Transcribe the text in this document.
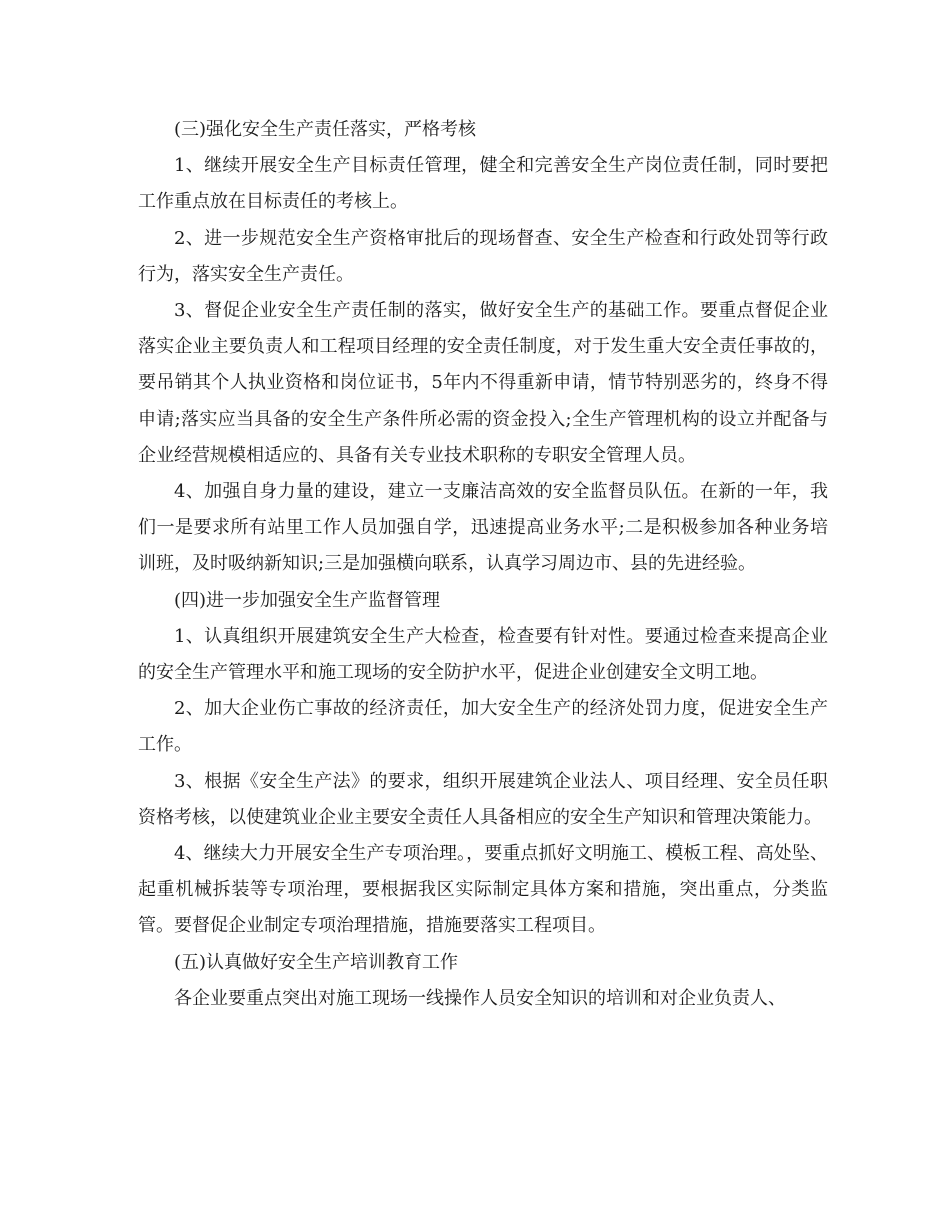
(三)强化安全生产责任落实，严格考核

1、继续开展安全生产目标责任管理，健全和完善安全生产岗位责任制，同时要把工作重点放在目标责任的考核上。

2、进一步规范安全生产资格审批后的现场督查、安全生产检查和行政处罚等行政行为，落实安全生产责任。

3、督促企业安全生产责任制的落实，做好安全生产的基础工作。要重点督促企业落实企业主要负责人和工程项目经理的安全责任制度，对于发生重大安全责任事故的，要吊销其个人执业资格和岗位证书，5年内不得重新申请，情节特别恶劣的，终身不得申请;落实应当具备的安全生产条件所必需的资金投入;全生产管理机构的设立并配备与企业经营规模相适应的、具备有关专业技术职称的专职安全管理人员。

4、加强自身力量的建设，建立一支廉洁高效的安全监督员队伍。在新的一年，我们一是要求所有站里工作人员加强自学，迅速提高业务水平;二是积极参加各种业务培训班，及时吸纳新知识;三是加强横向联系，认真学习周边市、县的先进经验。

(四)进一步加强安全生产监督管理

1、认真组织开展建筑安全生产大检查，检查要有针对性。要通过检查来提高企业的安全生产管理水平和施工现场的安全防护水平，促进企业创建安全文明工地。

2、加大企业伤亡事故的经济责任，加大安全生产的经济处罚力度，促进安全生产工作。

3、根据《安全生产法》的要求，组织开展建筑企业法人、项目经理、安全员任职资格考核，以使建筑业企业主要安全责任人具备相应的安全生产知识和管理决策能力。

4、继续大力开展安全生产专项治理。，要重点抓好文明施工、模板工程、高处坠、起重机械拆装等专项治理，要根据我区实际制定具体方案和措施，突出重点，分类监管。要督促企业制定专项治理措施，措施要落实工程项目。

(五)认真做好安全生产培训教育工作

各企业要重点突出对施工现场一线操作人员安全知识的培训和对企业负责人、
